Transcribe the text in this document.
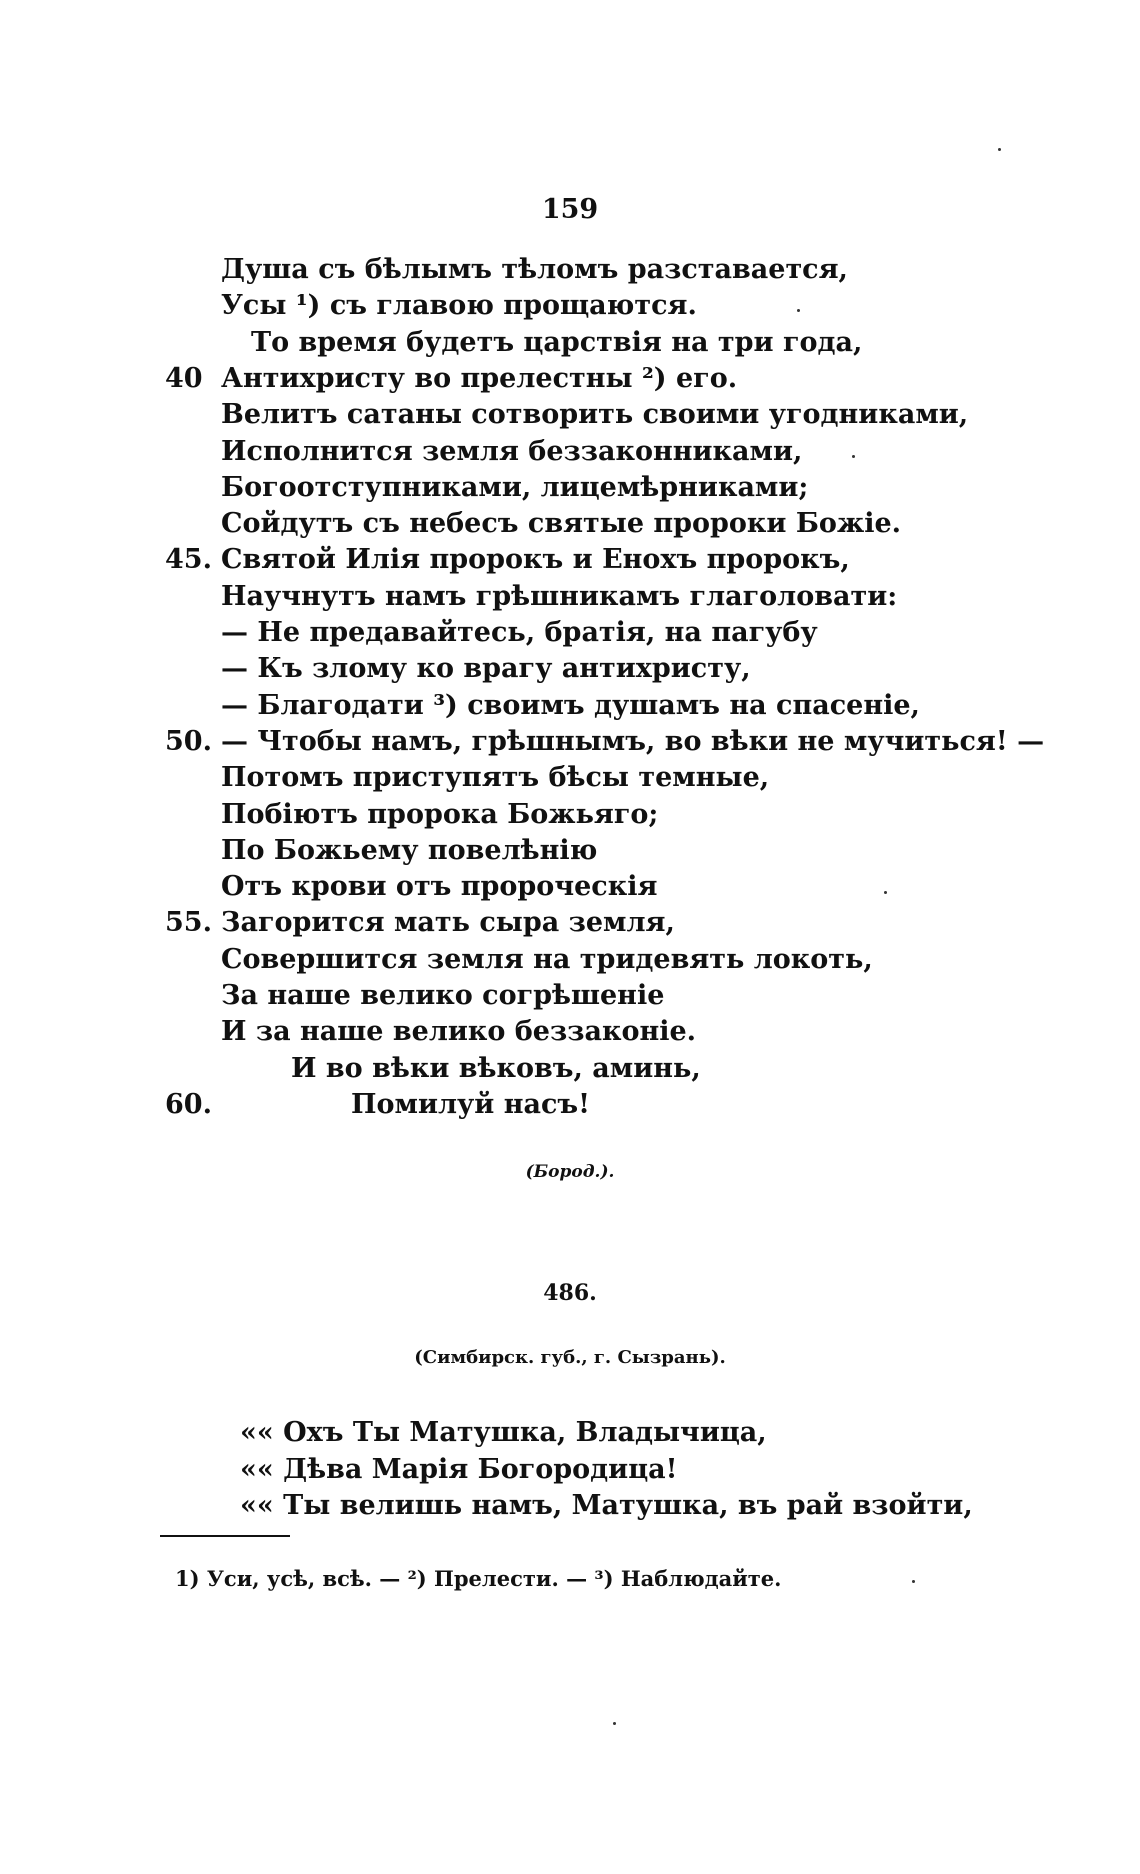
159
Душа съ бѣлымъ тѣломъ разставается,
Усы ¹) съ главою прощаются.
То время будетъ царствія на три года,
40 Антихристу во прелестны ²) его.
Велитъ сатаны сотворить своими угодниками,
Исполнится земля беззаконниками,
Богоотступниками, лицемѣрниками;
Сойдутъ съ небесъ святые пророки Божіе.
45. Святой Илія пророкъ и Енохъ пророкъ,
Научнутъ намъ грѣшникамъ глаголовати:
— Не предавайтесь, братія, на пагубу
— Къ злому ко врагу антихристу,
— Благодати ³) своимъ душамъ на спасеніе,
50. — Чтобы намъ, грѣшнымъ, во вѣки не мучиться! —
Потомъ приступятъ бѣсы темные,
Побіютъ пророка Божьяго;
По Божьему повелѣнію
Отъ крови отъ пророческія
55. Загорится мать сыра земля,
Совершится земля на тридевять локоть,
За наше велико согрѣшеніе
И за наше велико беззаконіе.
И во вѣки вѣковъ, аминь,
60.	Помилуй насъ!
(Бород.).
486.
(Симбирск. губ., г. Сызрань).
«« Охъ Ты Матушка, Владычица,
«« Дѣва Марія Богородица!
«« Ты велишь намъ, Матушка, въ рай взойти,
1) Уси, усѣ, всѣ. — ²) Прелести. — ³) Наблюдайте.
